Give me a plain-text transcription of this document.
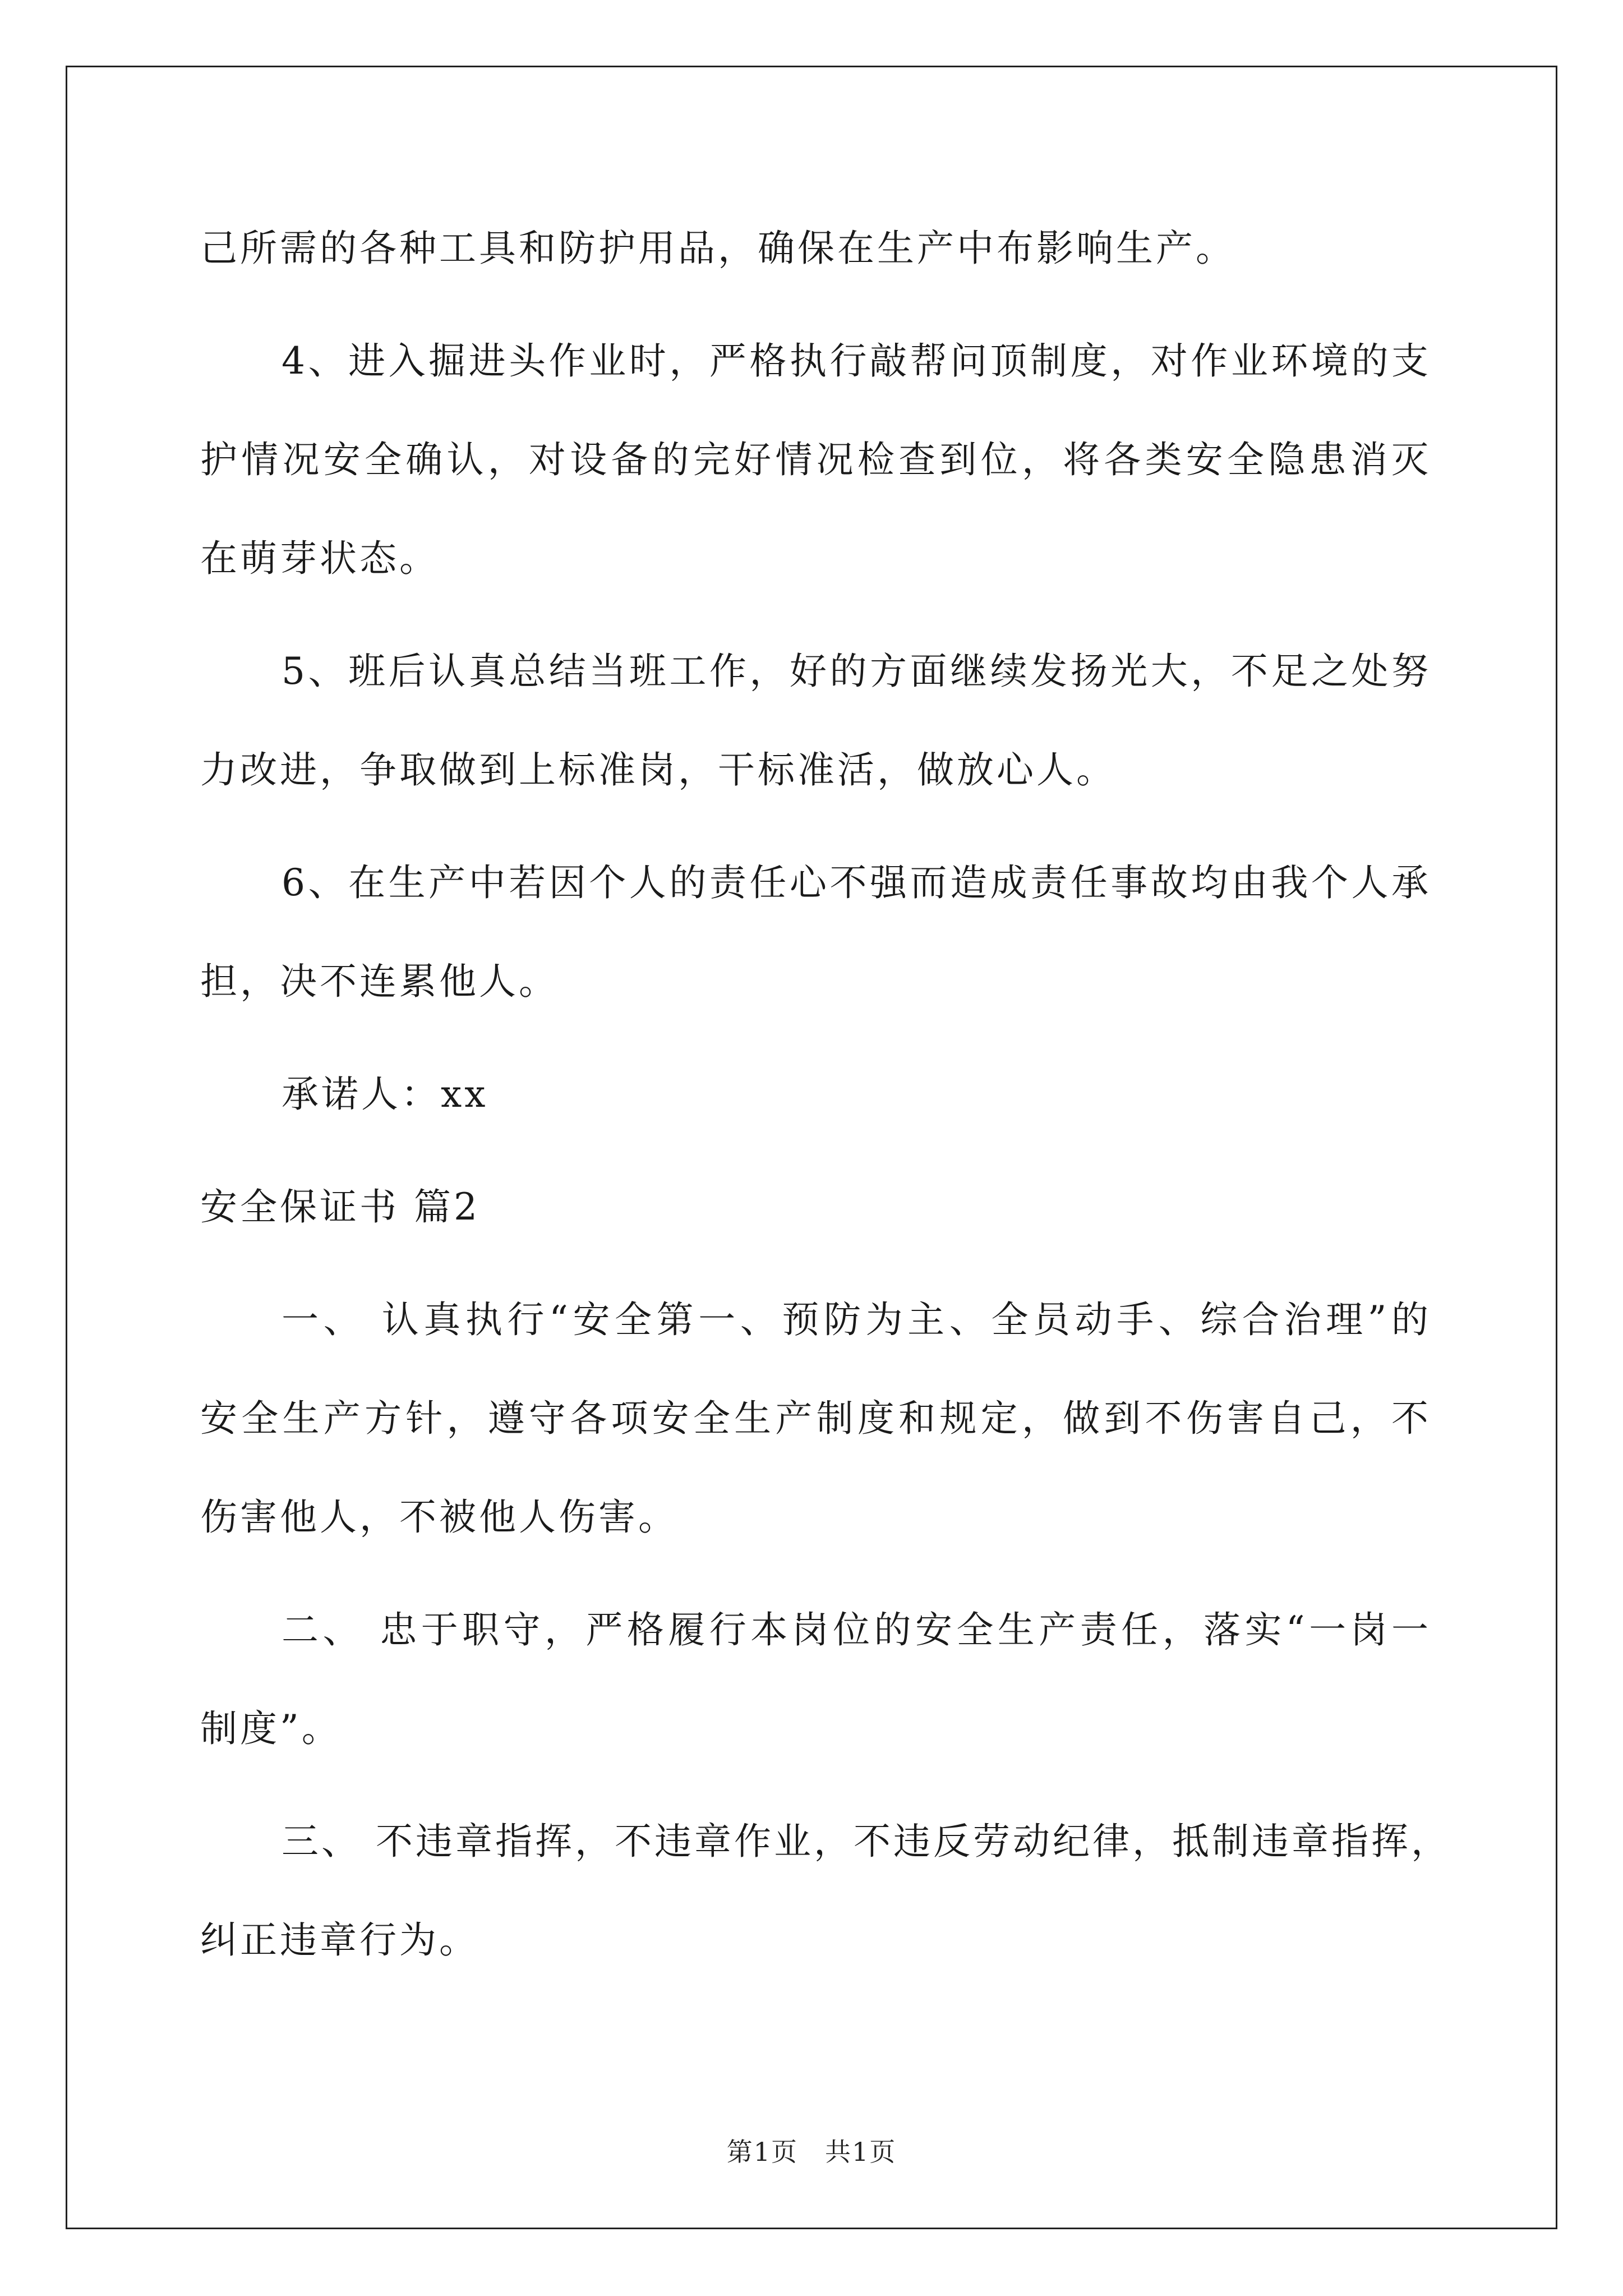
己所需的各种工具和防护用品，确保在生产中布影响生产。
4、进入掘进头作业时，严格执行敲帮问顶制度，对作业环境的支
护情况安全确认，对设备的完好情况检查到位，将各类安全隐患消灭
在萌芽状态。
5、班后认真总结当班工作，好的方面继续发扬光大，不足之处努
力改进，争取做到上标准岗，干标准活，做放心人。
6、在生产中若因个人的责任心不强而造成责任事故均由我个人承
担，决不连累他人。
承诺人：xx
安全保证书 篇2
一、 认真执行“安全第一、预防为主、全员动手、综合治理”的
安全生产方针，遵守各项安全生产制度和规定，做到不伤害自己，不
伤害他人，不被他人伤害。
二、 忠于职守，严格履行本岗位的安全生产责任，落实“一岗一
制度”。
三、 不违章指挥，不违章作业，不违反劳动纪律，抵制违章指挥，
纠正违章行为。
第1页　共1页
